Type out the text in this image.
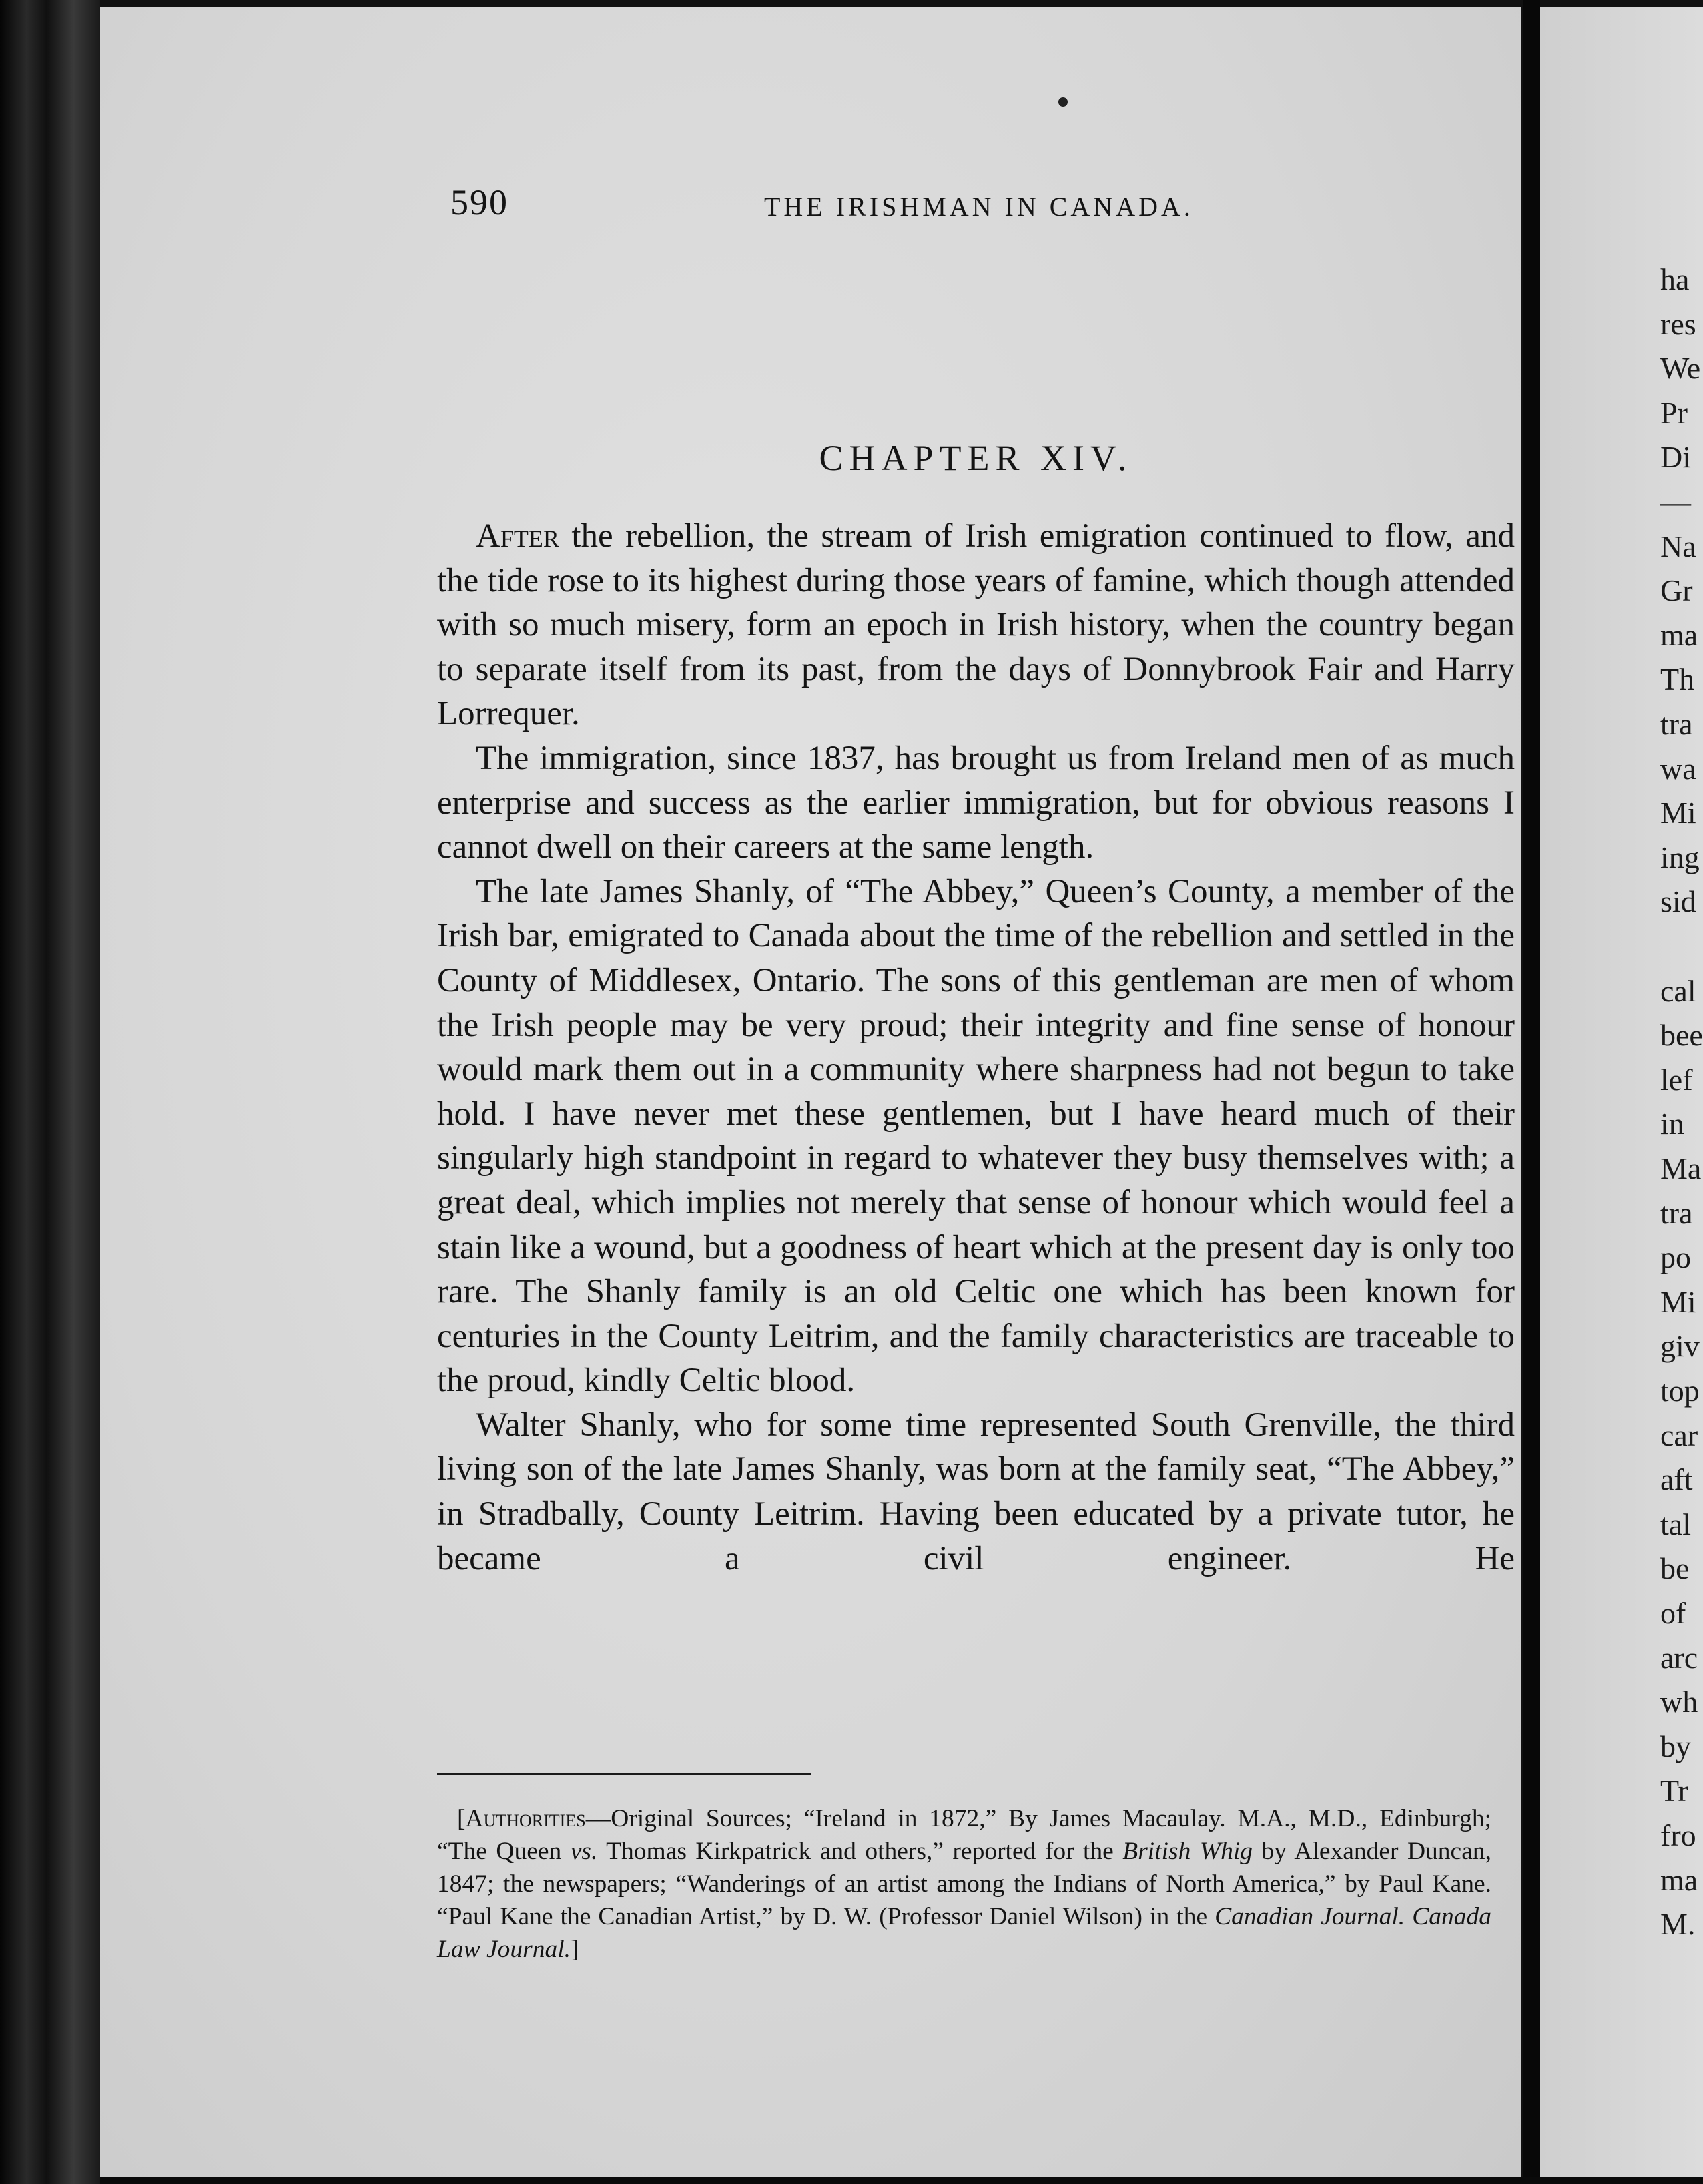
590	THE IRISHMAN IN CANADA.
CHAPTER XIV.

After the rebellion, the stream of Irish emigration continued to flow, and the tide rose to its highest during those years of famine, which though attended with so much misery, form an epoch in Irish history, when the country began to separate itself from its past, from the days of Donnybrook Fair and Harry Lorrequer.

The immigration, since 1837, has brought us from Ireland men of as much enterprise and success as the earlier immigration, but for obvious reasons I cannot dwell on their careers at the same length.

The late James Shanly, of “The Abbey,” Queen’s County, a member of the Irish bar, emigrated to Canada about the time of the rebellion and settled in the County of Middlesex, Ontario. The sons of this gentleman are men of whom the Irish people may be very proud; their integrity and fine sense of honour would mark them out in a community where sharpness had not begun to take hold. I have never met these gentlemen, but I have heard much of their singularly high standpoint in regard to whatever they busy themselves with; a great deal, which implies not merely that sense of honour which would feel a stain like a wound, but a goodness of heart which at the present day is only too rare. The Shanly family is an old Celtic one which has been known for centuries in the County Leitrim, and the family characteristics are traceable to the proud, kindly Celtic blood.

Walter Shanly, who for some time represented South Grenville, the third living son of the late James Shanly, was born at the family seat, “The Abbey,” in Stradbally, County Leitrim. Having been educated by a private tutor, he became a civil engineer. He

[Authorities—Original Sources; “Ireland in 1872,” By James Macaulay. M.A., M.D., Edinburgh; “The Queen vs. Thomas Kirkpatrick and others,” reported for the British Whig by Alexander Duncan, 1847; the newspapers; “Wanderings of an artist among the Indians of North America,” by Paul Kane. “Paul Kane the Canadian Artist,” by D. W. (Professor Daniel Wilson) in the Canadian Journal. Canada Law Journal.]
ha
res
We
Pr
Di
—
Na
Gr
ma
Th
tra
wa
Mi
ing
sid
cal
bee
lef
in
Ma
tra
po
Mi
giv
top
car
aft
tal
be
of
arc
wh
by
Tr
fro
ma
M.
